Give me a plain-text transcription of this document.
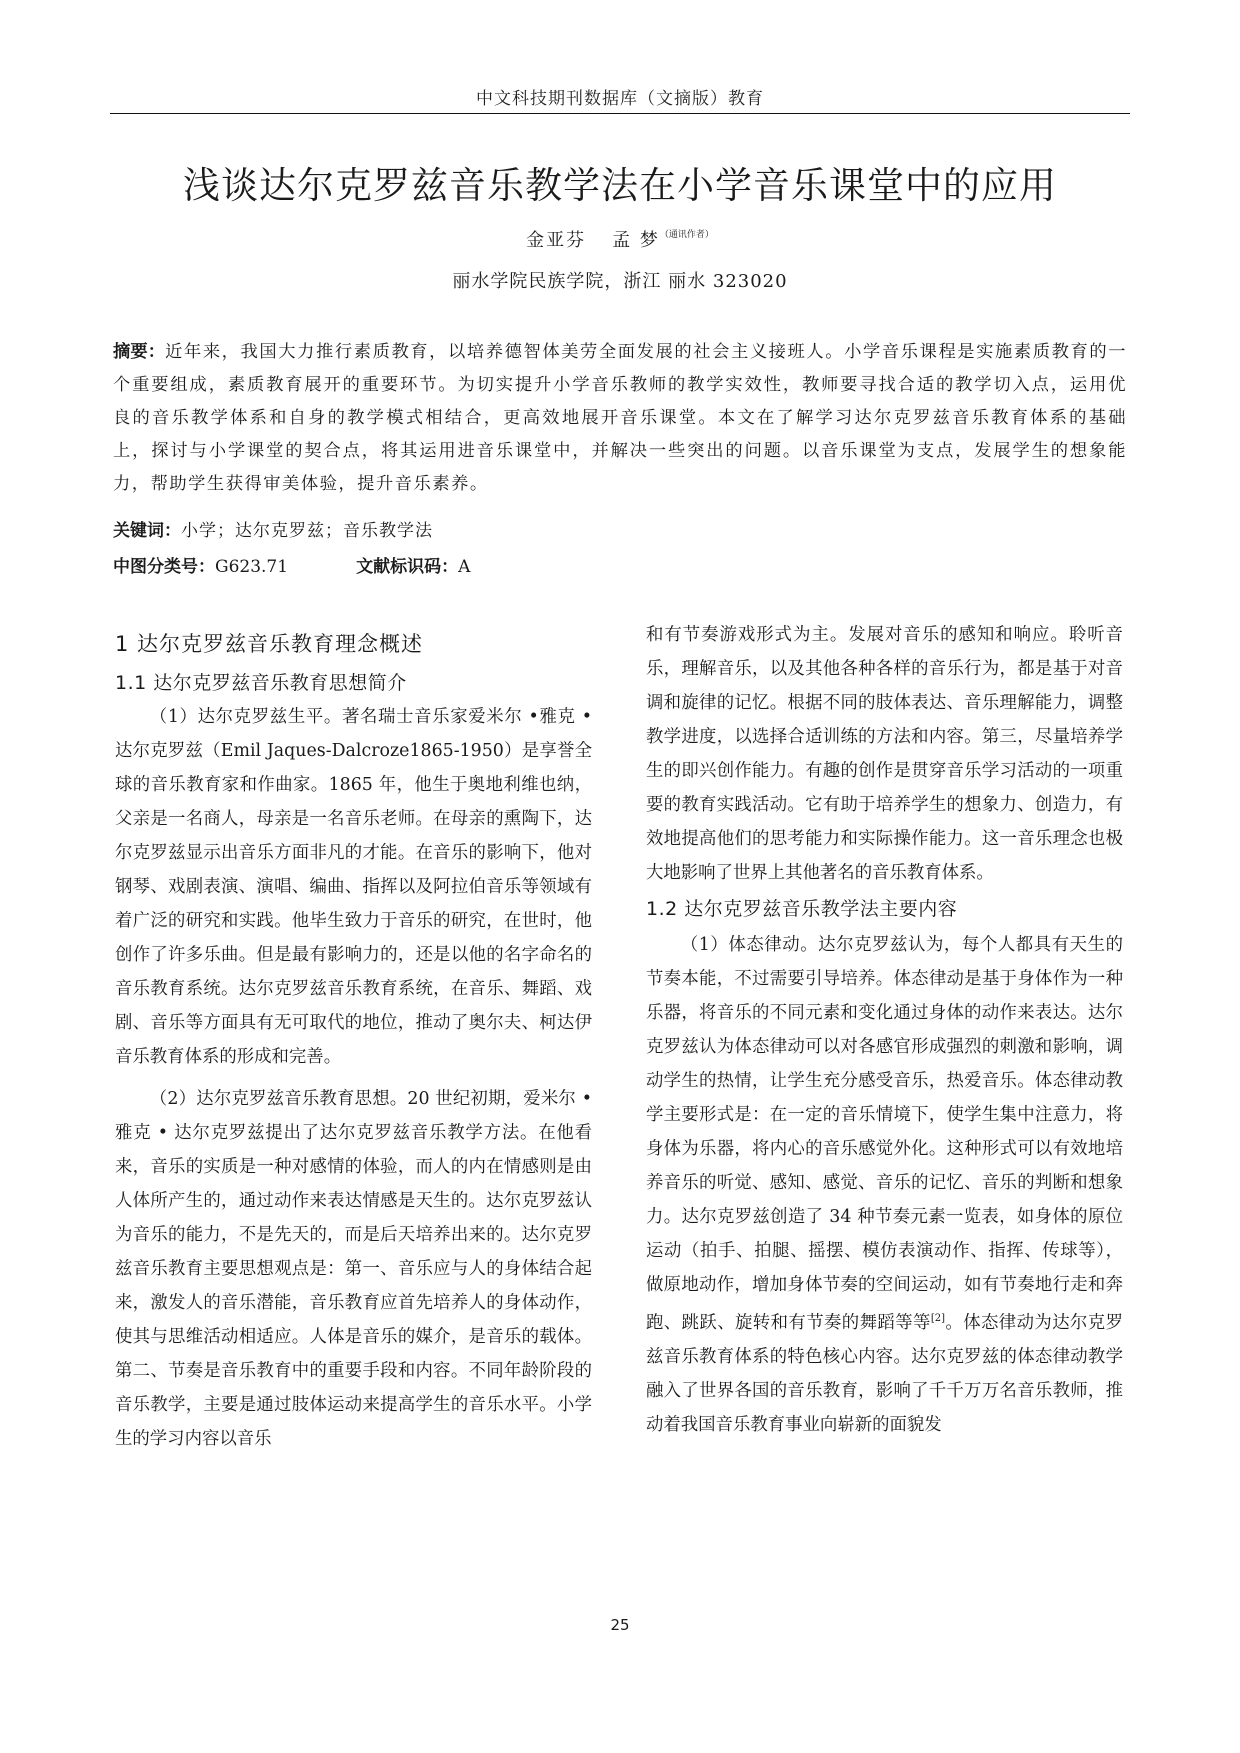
中文科技期刊数据库（文摘版）教育
浅谈达尔克罗兹音乐教学法在小学音乐课堂中的应用
金亚芬 孟 梦$^{(通讯作者)}$
丽水学院民族学院，浙江 丽水 323020
摘要：近年来，我国大力推行素质教育，以培养德智体美劳全面发展的社会主义接班人。小学音乐课程是实施素质教育的一个重要组成，素质教育展开的重要环节。为切实提升小学音乐教师的教学实效性，教师要寻找合适的教学切入点，运用优良的音乐教学体系和自身的教学模式相结合，更高效地展开音乐课堂。本文在了解学习达尔克罗兹音乐教育体系的基础上，探讨与小学课堂的契合点，将其运用进音乐课堂中，并解决一些突出的问题。以音乐课堂为支点，发展学生的想象能力，帮助学生获得审美体验，提升音乐素养。
关键词：小学；达尔克罗兹；音乐教学法
中图分类号：G623.71	文献标识码：A
1 达尔克罗兹音乐教育理念概述
1.1 达尔克罗兹音乐教育思想简介

（1）达尔克罗兹生平。著名瑞士音乐家爱米尔 •雅克 • 达尔克罗兹（Emil Jaques-Dalcroze1865-1950）是享誉全球的音乐教育家和作曲家。1865 年，他生于奥地利维也纳，父亲是一名商人，母亲是一名音乐老师。在母亲的熏陶下，达尔克罗兹显示出音乐方面非凡的才能。在音乐的影响下，他对钢琴、戏剧表演、演唱、编曲、指挥以及阿拉伯音乐等领域有着广泛的研究和实践。他毕生致力于音乐的研究，在世时，他创作了许多乐曲。但是最有影响力的，还是以他的名字命名的音乐教育系统。达尔克罗兹音乐教育系统，在音乐、舞蹈、戏剧、音乐等方面具有无可取代的地位，推动了奥尔夫、柯达伊音乐教育体系的形成和完善。

（2）达尔克罗兹音乐教育思想。20 世纪初期，爱米尔 • 雅克 • 达尔克罗兹提出了达尔克罗兹音乐教学方法。在他看来，音乐的实质是一种对感情的体验，而人的内在情感则是由人体所产生的，通过动作来表达情感是天生的。达尔克罗兹认为音乐的能力，不是先天的，而是后天培养出来的。达尔克罗兹音乐教育主要思想观点是：第一、音乐应与人的身体结合起来，激发人的音乐潜能，音乐教育应首先培养人的身体动作，使其与思维活动相适应。人体是音乐的媒介，是音乐的载体。第二、节奏是音乐教育中的重要手段和内容。不同年龄阶段的音乐教学，主要是通过肢体运动来提高学生的音乐水平。小学生的学习内容以音乐

和有节奏游戏形式为主。发展对音乐的感知和响应。聆听音乐，理解音乐，以及其他各种各样的音乐行为，都是基于对音调和旋律的记忆。根据不同的肢体表达、音乐理解能力，调整教学进度，以选择合适训练的方法和内容。第三，尽量培养学生的即兴创作能力。有趣的创作是贯穿音乐学习活动的一项重要的教育实践活动。它有助于培养学生的想象力、创造力，有效地提高他们的思考能力和实际操作能力。这一音乐理念也极大地影响了世界上其他著名的音乐教育体系。

1.2 达尔克罗兹音乐教学法主要内容

（1）体态律动。达尔克罗兹认为，每个人都具有天生的节奏本能，不过需要引导培养。体态律动是基于身体作为一种乐器，将音乐的不同元素和变化通过身体的动作来表达。达尔克罗兹认为体态律动可以对各感官形成强烈的刺激和影响，调动学生的热情，让学生充分感受音乐，热爱音乐。体态律动教学主要形式是：在一定的音乐情境下，使学生集中注意力，将身体为乐器，将内心的音乐感觉外化。这种形式可以有效地培养音乐的听觉、感知、感觉、音乐的记忆、音乐的判断和想象力。达尔克罗兹创造了 34 种节奏元素一览表，如身体的原位运动（拍手、拍腿、摇摆、模仿表演动作、指挥、传球等），做原地动作，增加身体节奏的空间运动，如有节奏地行走和奔跑、跳跃、旋转和有节奏的舞蹈等等[2]。体态律动为达尔克罗兹音乐教育体系的特色核心内容。达尔克罗兹的体态律动教学融入了世界各国的音乐教育，影响了千千万万名音乐教师，推动着我国音乐教育事业向崭新的面貌发

25
